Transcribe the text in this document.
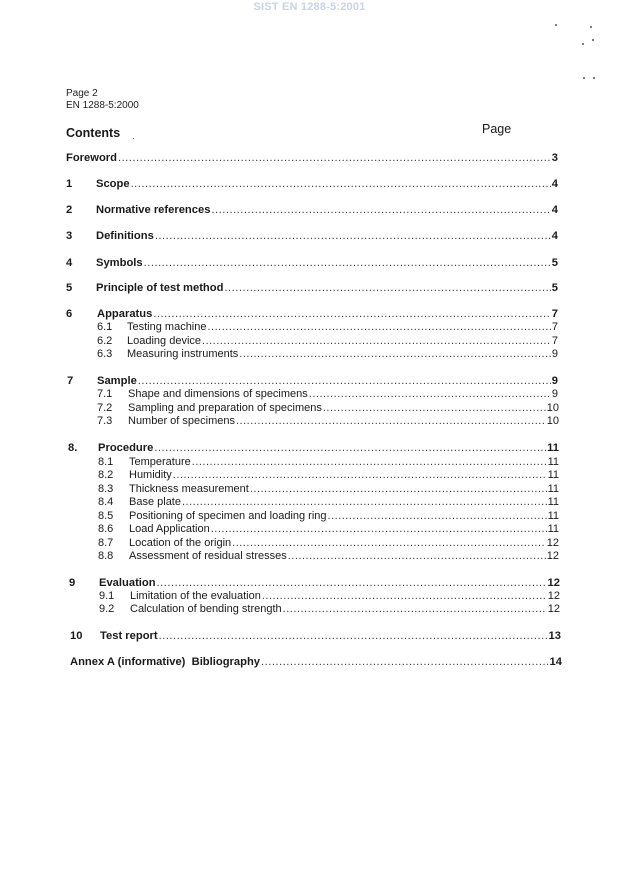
SIST EN 1288-5:2001
Page 2
EN 1288-5:2000
Contents	Page
Foreword .....	3
1	Scope .....	4
2	Normative references .....	4
3	Definitions .....	4
4	Symbols .....	5
5	Principle of test method .....	5
6	Apparatus .....	7
6.1	Testing machine .....	7
6.2	Loading device .....	7
6.3	Measuring instruments .....	9
7	Sample .....	9
7.1	Shape and dimensions of specimens .....	9
7.2	Sampling and preparation of specimens .....	10
7.3	Number of specimens .....	10
8.	Procedure .....	11
8.1	Temperature .....	11
8.2	Humidity .....	11
8.3	Thickness measurement .....	11
8.4	Base plate .....	11
8.5	Positioning of specimen and loading ring .....	11
8.6	Load Application .....	11
8.7	Location of the origin .....	12
8.8	Assessment of residual stresses .....	12
9	Evaluation .....	12
9.1	Limitation of the evaluation .....	12
9.2	Calculation of bending strength .....	12
10	Test report .....	13
Annex A (informative)  Bibliography .....	14
